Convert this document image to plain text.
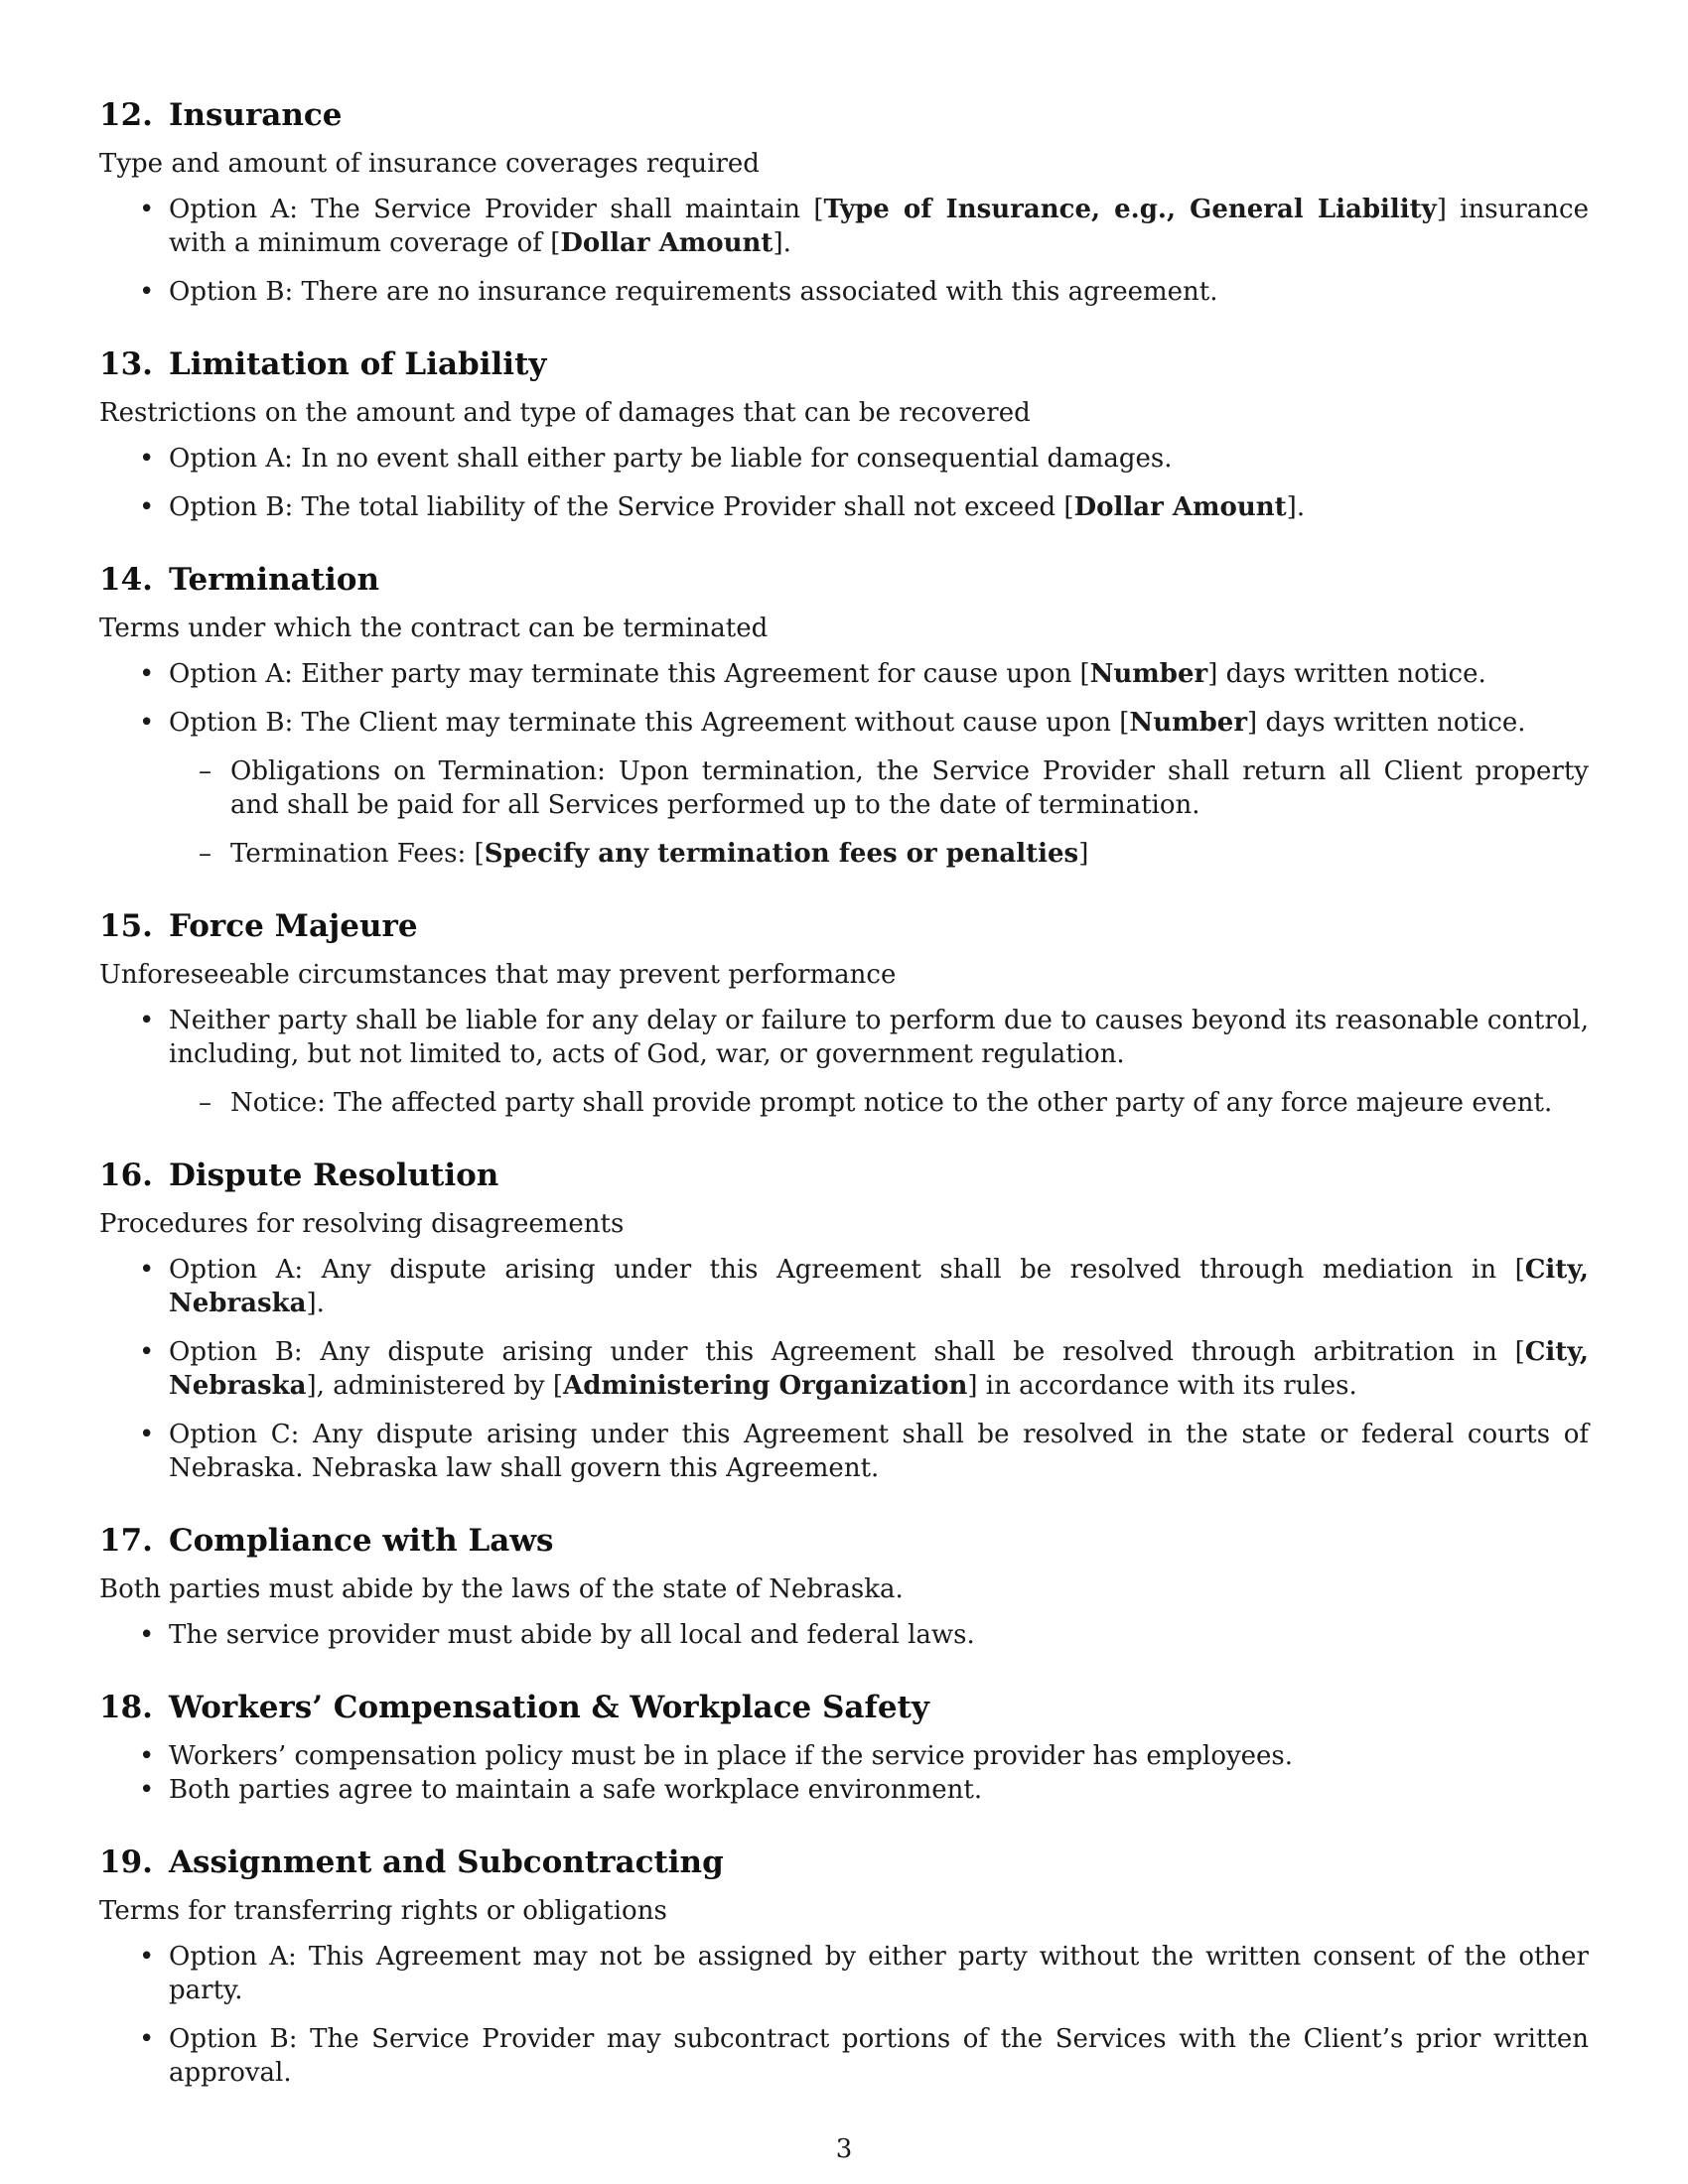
12. Insurance

Type and amount of insurance coverages required

• Option A: The Service Provider shall maintain [Type of Insurance, e.g., General Liability] insurance with a minimum coverage of [Dollar Amount].
• Option B: There are no insurance requirements associated with this agreement.
13. Limitation of Liability

Restrictions on the amount and type of damages that can be recovered

• Option A: In no event shall either party be liable for consequential damages.
• Option B: The total liability of the Service Provider shall not exceed [Dollar Amount].
14. Termination

Terms under which the contract can be terminated

• Option A: Either party may terminate this Agreement for cause upon [Number] days written notice.
• Option B: The Client may terminate this Agreement without cause upon [Number] days written notice.
– Obligations on Termination: Upon termination, the Service Provider shall return all Client property and shall be paid for all Services performed up to the date of termination.
– Termination Fees: [Specify any termination fees or penalties]
15. Force Majeure

Unforeseeable circumstances that may prevent performance

• Neither party shall be liable for any delay or failure to perform due to causes beyond its reasonable control, including, but not limited to, acts of God, war, or government regulation.
– Notice: The affected party shall provide prompt notice to the other party of any force majeure event.
16. Dispute Resolution

Procedures for resolving disagreements

• Option A: Any dispute arising under this Agreement shall be resolved through mediation in [City, Nebraska].
• Option B: Any dispute arising under this Agreement shall be resolved through arbitration in [City, Nebraska], administered by [Administering Organization] in accordance with its rules.
• Option C: Any dispute arising under this Agreement shall be resolved in the state or federal courts of Nebraska. Nebraska law shall govern this Agreement.
17. Compliance with Laws

Both parties must abide by the laws of the state of Nebraska.

• The service provider must abide by all local and federal laws.
18. Workers’ Compensation & Workplace Safety
• Workers’ compensation policy must be in place if the service provider has employees.
• Both parties agree to maintain a safe workplace environment.
19. Assignment and Subcontracting

Terms for transferring rights or obligations

• Option A: This Agreement may not be assigned by either party without the written consent of the other party.
• Option B: The Service Provider may subcontract portions of the Services with the Client’s prior written approval.
3
